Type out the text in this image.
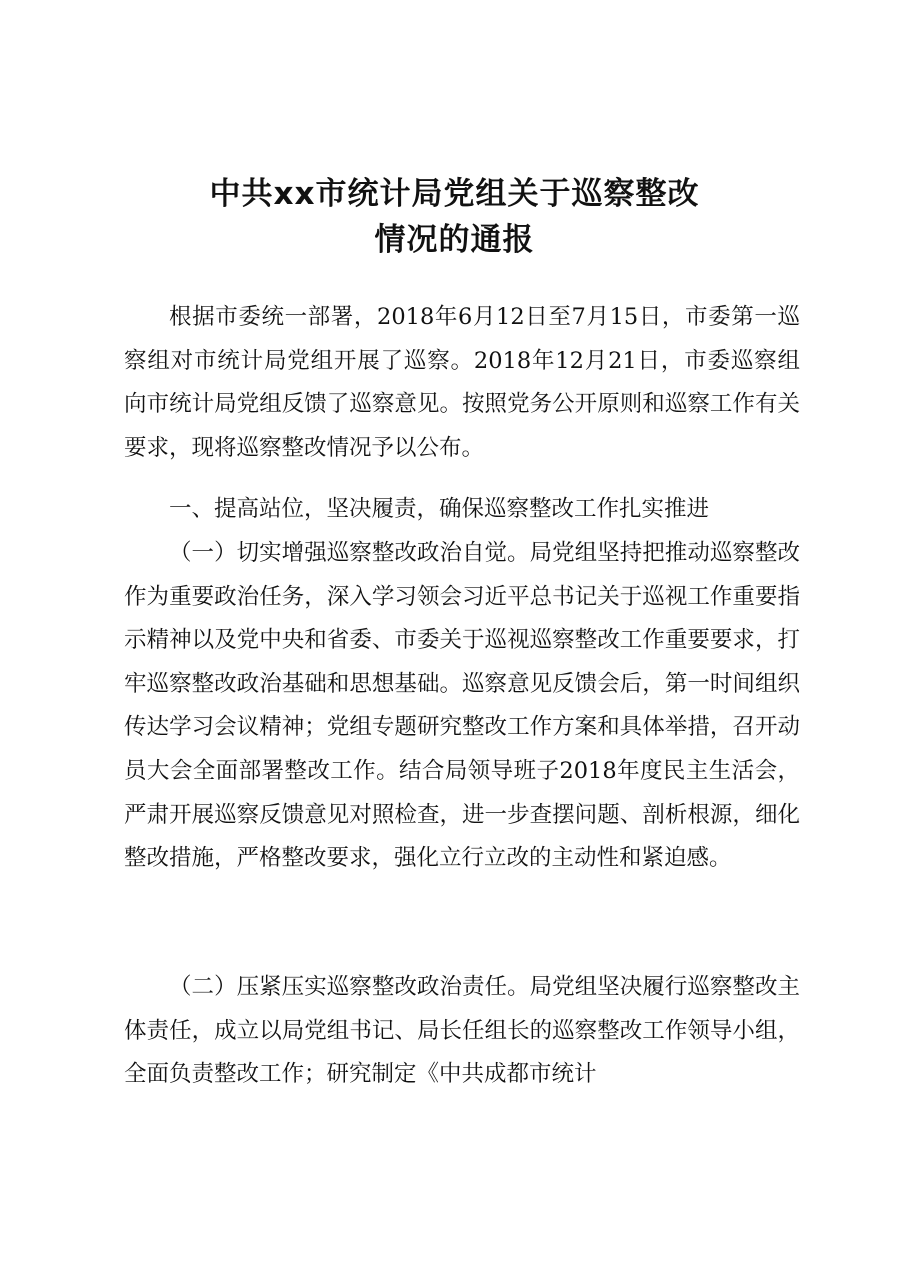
中共xx市统计局党组关于巡察整改
情况的通报

根据市委统一部署，2018年6月12日至7月15日，市委第一巡察组对市统计局党组开展了巡察。2018年12月21日，市委巡察组向市统计局党组反馈了巡察意见。按照党务公开原则和巡察工作有关要求，现将巡察整改情况予以公布。

一、提高站位，坚决履责，确保巡察整改工作扎实推进

（一）切实增强巡察整改政治自觉。局党组坚持把推动巡察整改作为重要政治任务，深入学习领会习近平总书记关于巡视工作重要指示精神以及党中央和省委、市委关于巡视巡察整改工作重要要求，打牢巡察整改政治基础和思想基础。巡察意见反馈会后，第一时间组织传达学习会议精神；党组专题研究整改工作方案和具体举措，召开动员大会全面部署整改工作。结合局领导班子2018年度民主生活会，严肃开展巡察反馈意见对照检查，进一步查摆问题、剖析根源，细化整改措施，严格整改要求，强化立行立改的主动性和紧迫感。

（二）压紧压实巡察整改政治责任。局党组坚决履行巡察整改主体责任，成立以局党组书记、局长任组长的巡察整改工作领导小组，全面负责整改工作；研究制定《中共成都市统计
